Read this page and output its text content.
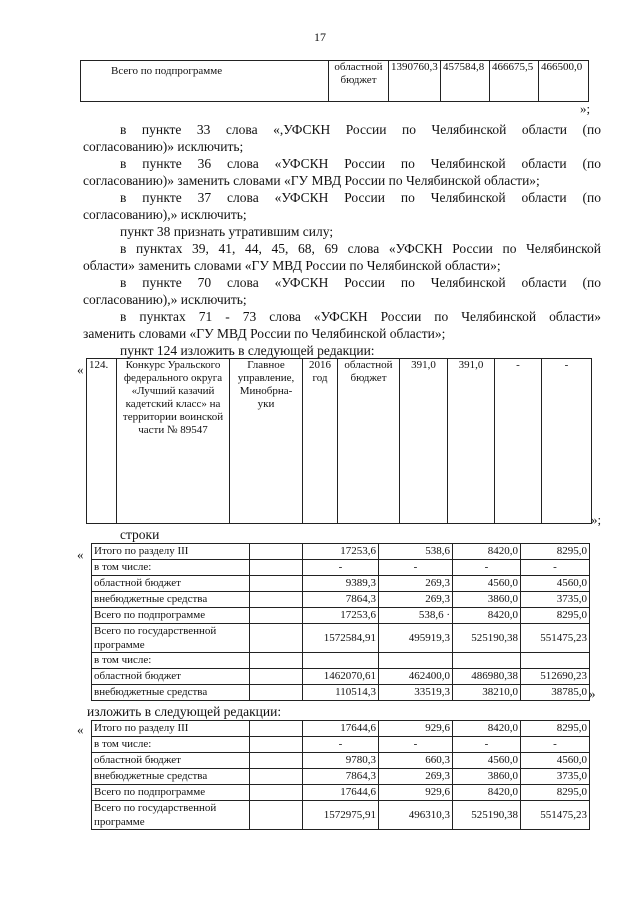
17
Всего по подпрограмме	областной бюджет	1390760,3	457584,8	466675,5	466500,0
»;

в пункте 33 слова «,УФСКН России по Челябинской области (по

согласованию)» исключить;

в пункте 36 слова «УФСКН России по Челябинской области (по

согласованию)» заменить словами «ГУ МВД России по Челябинской области»;

в пункте 37 слова «УФСКН России по Челябинской области (по

согласованию),» исключить;

пункт 38 признать утратившим силу;

в пунктах 39, 41, 44, 45, 68, 69 слова «УФСКН России по Челябинской

области» заменить словами «ГУ МВД России по Челябинской области»;

в пункте 70 слова «УФСКН России по Челябинской области (по

согласованию),» исключить;

в пунктах 71 - 73 слова «УФСКН России по Челябинской области»

заменить словами «ГУ МВД России по Челябинской области»;

пункт 124 изложить в следующей редакции:

« 124.	Конкурс Уральского федерального округа «Лучший казачий кадетский класс» на территории воинской части № 89547	Главное управление, Минобрна-уки	2016 год	областной бюджет	391,0	391,0	-	-
»;

строки

« Итого по разделу III		17253,6	538,6	8420,0	8295,0
в том числе:		-	-	-	-
областной бюджет		9389,3	269,3	4560,0	4560,0
внебюджетные средства		7864,3	269,3	3860,0	3735,0
Всего по подпрограмме		17253,6	538,6 ·	8420,0	8295,0
Всего по государственной программе		1572584,91	495919,3	525190,38	551475,23
в том числе:					
областной бюджет		1462070,61	462400,0	486980,38	512690,23
внебюджетные средства		110514,3	33519,3	38210,0	38785,0 »

изложить в следующей редакции:

« Итого по разделу III		17644,6	929,6	8420,0	8295,0
в том числе:		-	-	-	-
областной бюджет		9780,3	660,3	4560,0	4560,0
внебюджетные средства		7864,3	269,3	3860,0	3735,0
Всего по подпрограмме		17644,6	929,6	8420,0	8295,0
Всего по государственной программе		1572975,91	496310,3	525190,38	551475,23
